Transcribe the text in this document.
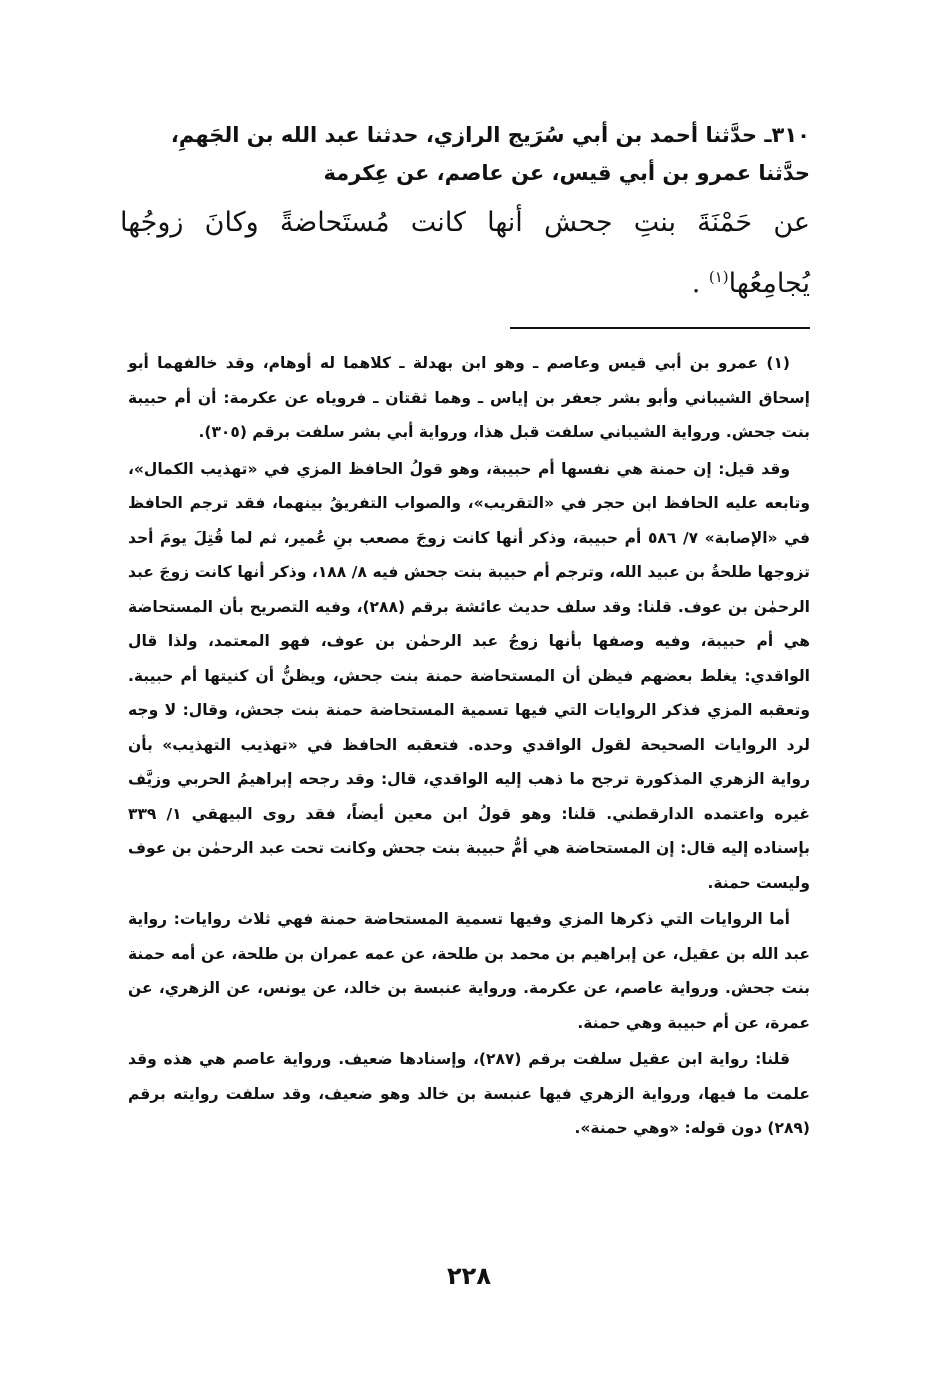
٣١٠ـ حدَّثنا أحمد بن أبي سُرَيج الرازي، حدثنا عبد الله بن الجَهمِ،
حدَّثنا عمرو بن أبي قيس، عن عاصم، عن عِكرمة
عن حَمْنَةَ بنتِ جحش أنها كانت مُستَحاضةً وكانَ زوجُها يُجامِعُها$^{(١)}$ .

(١) عمرو بن أبي قيس وعاصم ـ وهو ابن بهدلة ـ كلاهما له أوهام، وقد خالفهما أبو إسحاق الشيباني وأبو بشر جعفر بن إياس ـ وهما ثقتان ـ فروياه عن عكرمة: أن أم حبيبة بنت جحش. ورواية الشيباني سلفت قبل هذا، ورواية أبي بشر سلفت برقم (٣٠٥).

وقد قيل: إن حمنة هي نفسها أم حبيبة، وهو قولُ الحافظ المزي في «تهذيب الكمال»، وتابعه عليه الحافظ ابن حجر في «التقريب»، والصواب التفريقُ بينهما، فقد ترجم الحافظ في «الإصابة» ٧/ ٥٨٦ أم حبيبة، وذكر أنها كانت زوجَ مصعب بنِ عُمير، ثم لما قُتِلَ يومَ أحد تزوجها طلحةُ بن عبيد الله، وترجم أم حبيبة بنت جحش فيه ٨/ ١٨٨، وذكر أنها كانت زوجَ عبد الرحمٰن بن عوف. قلنا: وقد سلف حديث عائشة برقم (٢٨٨)، وفيه التصريح بأن المستحاضة هي أم حبيبة، وفيه وصفها بأنها زوجُ عبد الرحمٰن بن عوف، فهو المعتمد، ولذا قال الواقدي: يغلط بعضهم فيظن أن المستحاضة حمنة بنت جحش، ويظنُّ أن كنيتها أم حبيبة. وتعقبه المزي فذكر الروايات التي فيها تسمية المستحاضة حمنة بنت جحش، وقال: لا وجه لرد الروايات الصحيحة لقول الواقدي وحده. فتعقبه الحافظ في «تهذيب التهذيب» بأن رواية الزهري المذكورة ترجح ما ذهب إليه الواقدي، قال: وقد رجحه إبراهيمُ الحربي وزيَّف غيره واعتمده الدارقطني. قلنا: وهو قولُ ابن معين أيضاً، فقد روى البيهقي ١/ ٣٣٩ بإسناده إليه قال: إن المستحاضة هي أمُّ حبيبة بنت جحش وكانت تحت عبد الرحمٰن بن عوف وليست حمنة.

أما الروايات التي ذكرها المزي وفيها تسمية المستحاضة حمنة فهي ثلاث روايات: رواية عبد الله بن عقيل، عن إبراهيم بن محمد بن طلحة، عن عمه عمران بن طلحة، عن أمه حمنة بنت جحش. ورواية عاصم، عن عكرمة. ورواية عنبسة بن خالد، عن يونس، عن الزهري، عن عمرة، عن أم حبيبة وهي حمنة.

قلنا: رواية ابن عقيل سلفت برقم (٢٨٧)، وإسنادها ضعيف. ورواية عاصم هي هذه وقد علمت ما فيها، ورواية الزهري فيها عنبسة بن خالد وهو ضعيف، وقد سلفت روايته برقم (٢٨٩) دون قوله: «وهي حمنة».

٢٢٨
